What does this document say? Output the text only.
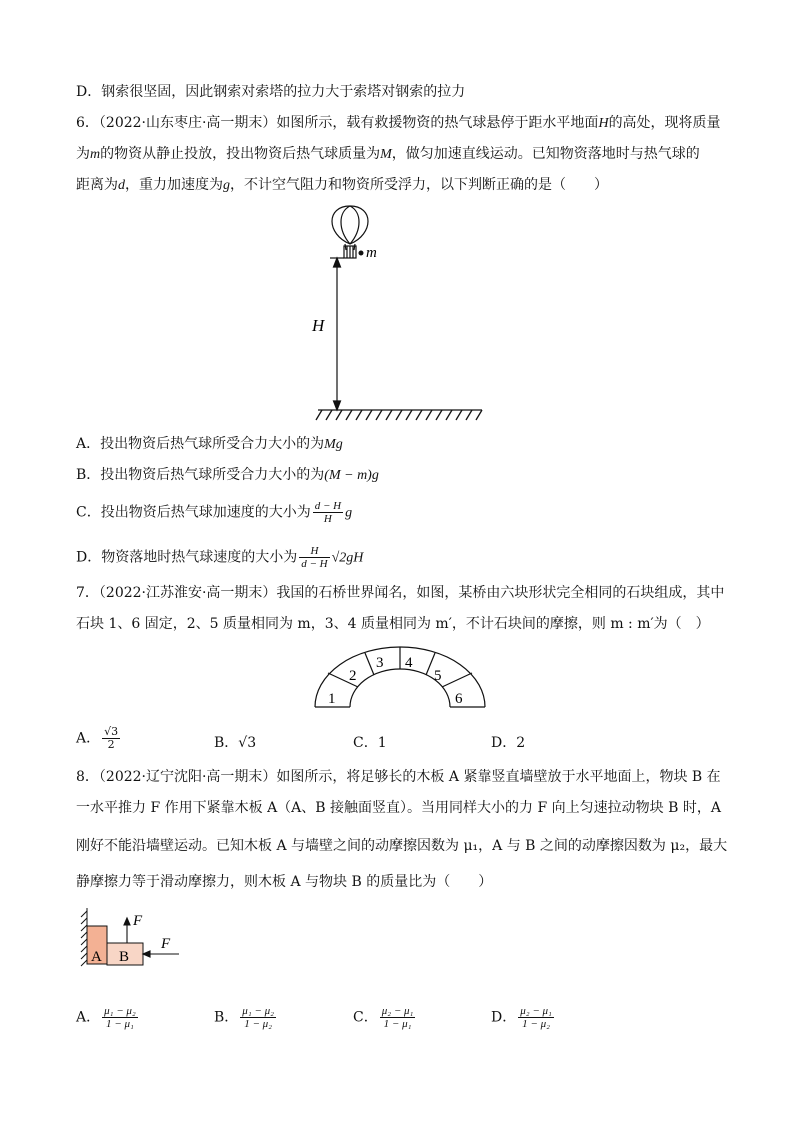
D．钢索很坚固，因此钢索对索塔的拉力大于索塔对钢索的拉力
6．（2022·山东枣庄·高一期末）如图所示，载有救援物资的热气球悬停于距水平地面H的高处，现将质量
为m的物资从静止投放，投出物资后热气球质量为M，做匀加速直线运动。已知物资落地时与热气球的
距离为d，重力加速度为g，不计空气阻力和物资所受浮力，以下判断正确的是（　　）
m
H
A．投出物资后热气球所受合力大小的为Mg
B．投出物资后热气球所受合力大小的为(M − m)g
C．投出物资后热气球加速度的大小为 $\frac{d - H}{H}$ g
D．物资落地时热气球速度的大小为 $\frac{H}{d - H} √2gH$
7．（2022·江苏淮安·高一期末）我国的石桥世界闻名，如图，某桥由六块形状完全相同的石块组成，其中
石块 1、6 固定，2、5 质量相同为 m，3、4 质量相同为 m′，不计石块间的摩擦，则 m : m′为（　）
1
2
3 4
5
6
A． $\frac{√3}{2}$	B．√3	C．1	D．2
8．（2022·辽宁沈阳·高一期末）如图所示，将足够长的木板 A 紧靠竖直墙壁放于水平地面上，物块 B 在
一水平推力 F 作用下紧靠木板 A（A、B 接触面竖直）。当用同样大小的力 F 向上匀速拉动物块 B 时，A
刚好不能沿墙壁运动。已知木板 A 与墙壁之间的动摩擦因数为 μ₁，A 与 B 之间的动摩擦因数为 μ₂，最大
静摩擦力等于滑动摩擦力，则木板 A 与物块 B 的质量比为（　　）
A B
F
F
A． $\frac{\text{μ₁ − μ₂}}{\text{1 − μ₁}}$	B． $\frac{\text{μ₁ − μ₂}}{\text{1 − μ₂}}$	C． $\frac{\text{μ₂ − μ₁}}{\text{1 − μ₁}}$	D． $\frac{\text{μ₂ − μ₁}}{\text{1 − μ₂}}$
